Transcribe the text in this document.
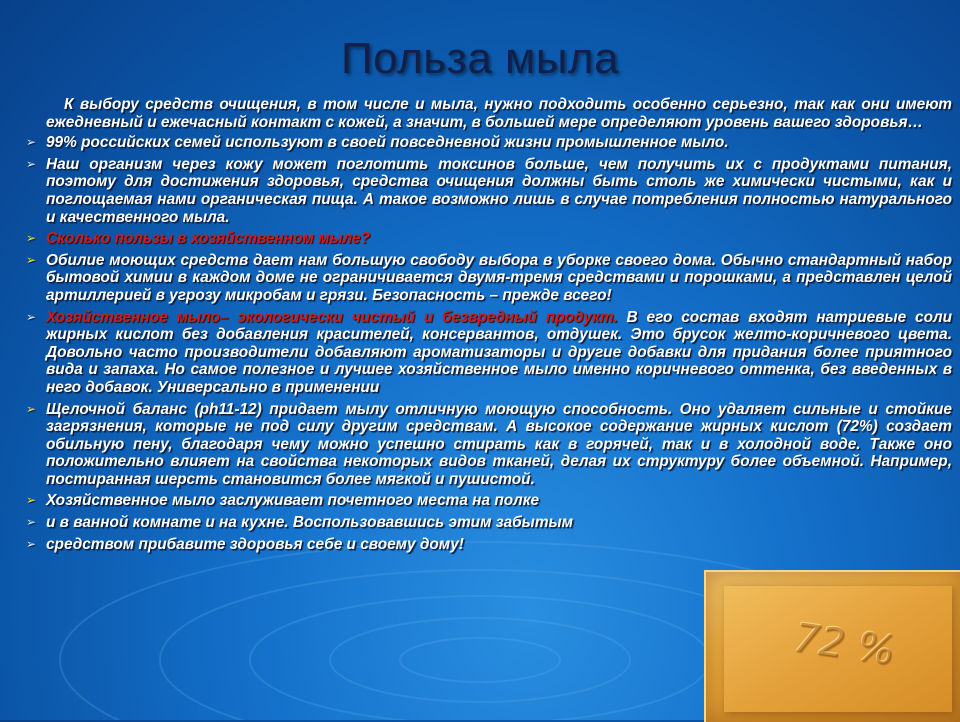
Польза мыла

К выбору средств очищения, в том числе и мыла, нужно подходить особенно серьезно, так как они имеют ежедневный и ежечасный контакт с кожей, а значит, в большей мере определяют уровень вашего здоровья…

➢ 99% российских семей используют в своей повседневной жизни промышленное мыло.
➢ Наш организм через кожу может поглотить токсинов больше, чем получить их с продуктами питания, поэтому для достижения здоровья, средства очищения должны быть столь же химически чистыми, как и поглощаемая нами органическая пища. А такое возможно лишь в случае потребления полностью натурального и качественного мыла.
➢ Сколько пользы в хозяйственном мыле?
➢ Обилие моющих средств дает нам большую свободу выбора в уборке своего дома. Обычно стандартный набор бытовой химии в каждом доме не ограничивается двумя-тремя средствами и порошками, а представлен целой артиллерией в угрозу микробам и грязи. Безопасность – прежде всего!
➢ Хозяйственное мыло– экологически чистый и безвредный продукт. В его состав входят натриевые соли жирных кислот без добавления красителей, консервантов, отдушек. Это брусок желто-коричневого цвета. Довольно часто производители добавляют ароматизаторы и другие добавки для придания более приятного вида и запаха. Но самое полезное и лучшее хозяйственное мыло именно коричневого оттенка, без введенных в него добавок. Универсально в применении
➢ Щелочной баланс (ph11-12) придает мылу отличную моющую способность. Оно удаляет сильные и стойкие загрязнения, которые не под силу другим средствам. А высокое содержание жирных кислот (72%) создает обильную пену, благодаря чему можно успешно стирать как в горячей, так и в холодной воде. Также оно положительно влияет на свойства некоторых видов тканей, делая их структуру более объемной. Например, постиранная шерсть становится более мягкой и пушистой.
➢ Хозяйственное мыло заслуживает почетного места на полке
➢ и в ванной комнате и на кухне. Воспользовавшись этим забытым
➢ средством прибавите здоровья себе и своему дому!
72 %
